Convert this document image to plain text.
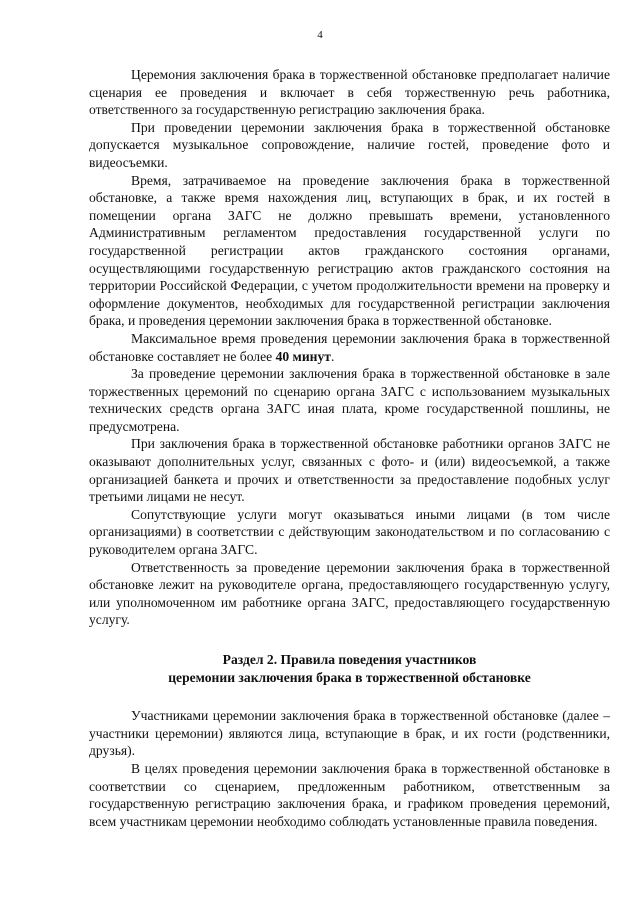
4

Церемония заключения брака в торжественной обстановке предполагает наличие сценария ее проведения и включает в себя торжественную речь работника, ответственного за государственную регистрацию заключения брака.

При проведении церемонии заключения брака в торжественной обстановке допускается музыкальное сопровождение, наличие гостей, проведение фото и видеосъемки.

Время, затрачиваемое на проведение заключения брака в торжественной обстановке, а также время нахождения лиц, вступающих в брак, и их гостей в помещении органа ЗАГС не должно превышать времени, установленного Административным регламентом предоставления государственной услуги по государственной регистрации актов гражданского состояния органами, осуществляющими государственную регистрацию актов гражданского состояния на территории Российской Федерации, с учетом продолжительности времени на проверку и оформление документов, необходимых для государственной регистрации заключения брака, и проведения церемонии заключения брака в торжественной обстановке.

Максимальное время проведения церемонии заключения брака в торжественной обстановке составляет не более 40 минут.

За проведение церемонии заключения брака в торжественной обстановке в зале торжественных церемоний по сценарию органа ЗАГС с использованием музыкальных технических средств органа ЗАГС иная плата, кроме государственной пошлины, не предусмотрена.

При заключения брака в торжественной обстановке работники органов ЗАГС не оказывают дополнительных услуг, связанных с фото- и (или) видеосъемкой, а также организацией банкета и прочих и ответственности за предоставление подобных услуг третьими лицами не несут.

Сопутствующие услуги могут оказываться иными лицами (в том числе организациями) в соответствии с действующим законодательством и по согласованию с руководителем органа ЗАГС.

Ответственность за проведение церемонии заключения брака в торжественной обстановке лежит на руководителе органа, предоставляющего государственную услугу, или уполномоченном им работнике органа ЗАГС, предоставляющего государственную услугу.

Раздел 2. Правила поведения участников
церемонии заключения брака в торжественной обстановке

Участниками церемонии заключения брака в торжественной обстановке (далее – участники церемонии) являются лица, вступающие в брак, и их гости (родственники, друзья).

В целях проведения церемонии заключения брака в торжественной обстановке в соответствии со сценарием, предложенным работником, ответственным за государственную регистрацию заключения брака, и графиком проведения церемоний, всем участникам церемонии необходимо соблюдать установленные правила поведения.
